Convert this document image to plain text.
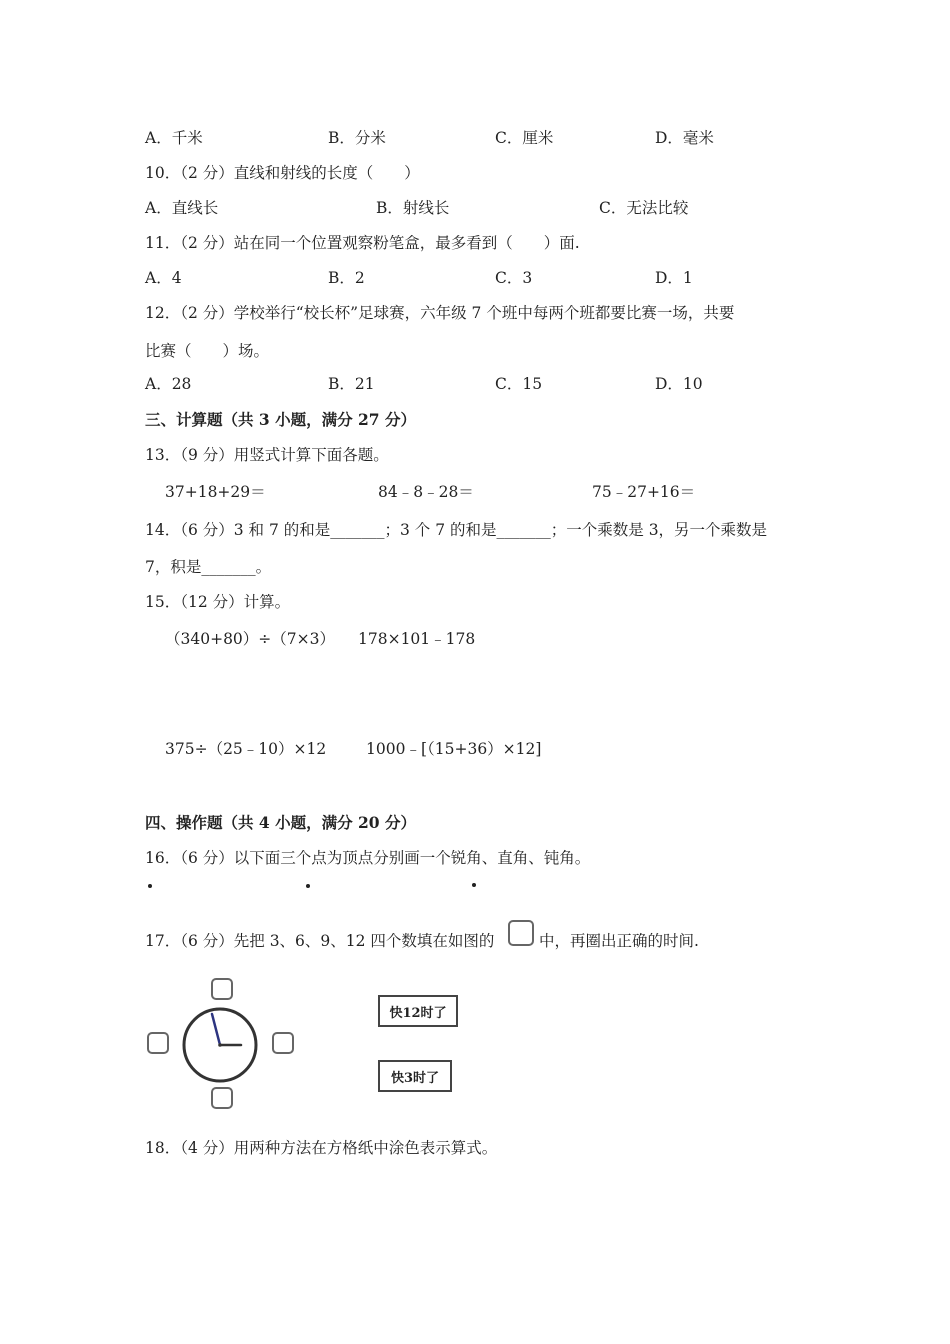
A．千米	B．分米	C．厘米	D．毫米
10．（2 分）直线和射线的长度（　　）
A．直线长	B．射线长	C．无法比较
11．（2 分）站在同一个位置观察粉笔盒，最多看到（　　）面.
A．4	B．2	C．3	D．1
12．（2 分）学校举行“校长杯”足球赛，六年级 7 个班中每两个班都要比赛一场，共要
比赛（　　）场。
A．28	B．21	C．15	D．10
三、计算题（共 3 小题，满分 27 分）
13．（9 分）用竖式计算下面各题。
37+18+29＝	84﹣8﹣28＝	75﹣27+16＝
14．（6 分）3 和 7 的和是_______；3 个 7 的和是_______；一个乘数是 3，另一个乘数是
7，积是_______。
15．（12 分）计算。
（340+80）÷（7×3） 178×101﹣178
375÷（25﹣10）×12	1000﹣[（15+36）×12]
四、操作题（共 4 小题，满分 20 分）
16．（6 分）以下面三个点为顶点分别画一个锐角、直角、钝角。
17．（6 分）先把 3、6、9、12 四个数填在如图的	中，再圈出正确的时间.
快12时了
快3时了
18．（4 分）用两种方法在方格纸中涂色表示算式。
